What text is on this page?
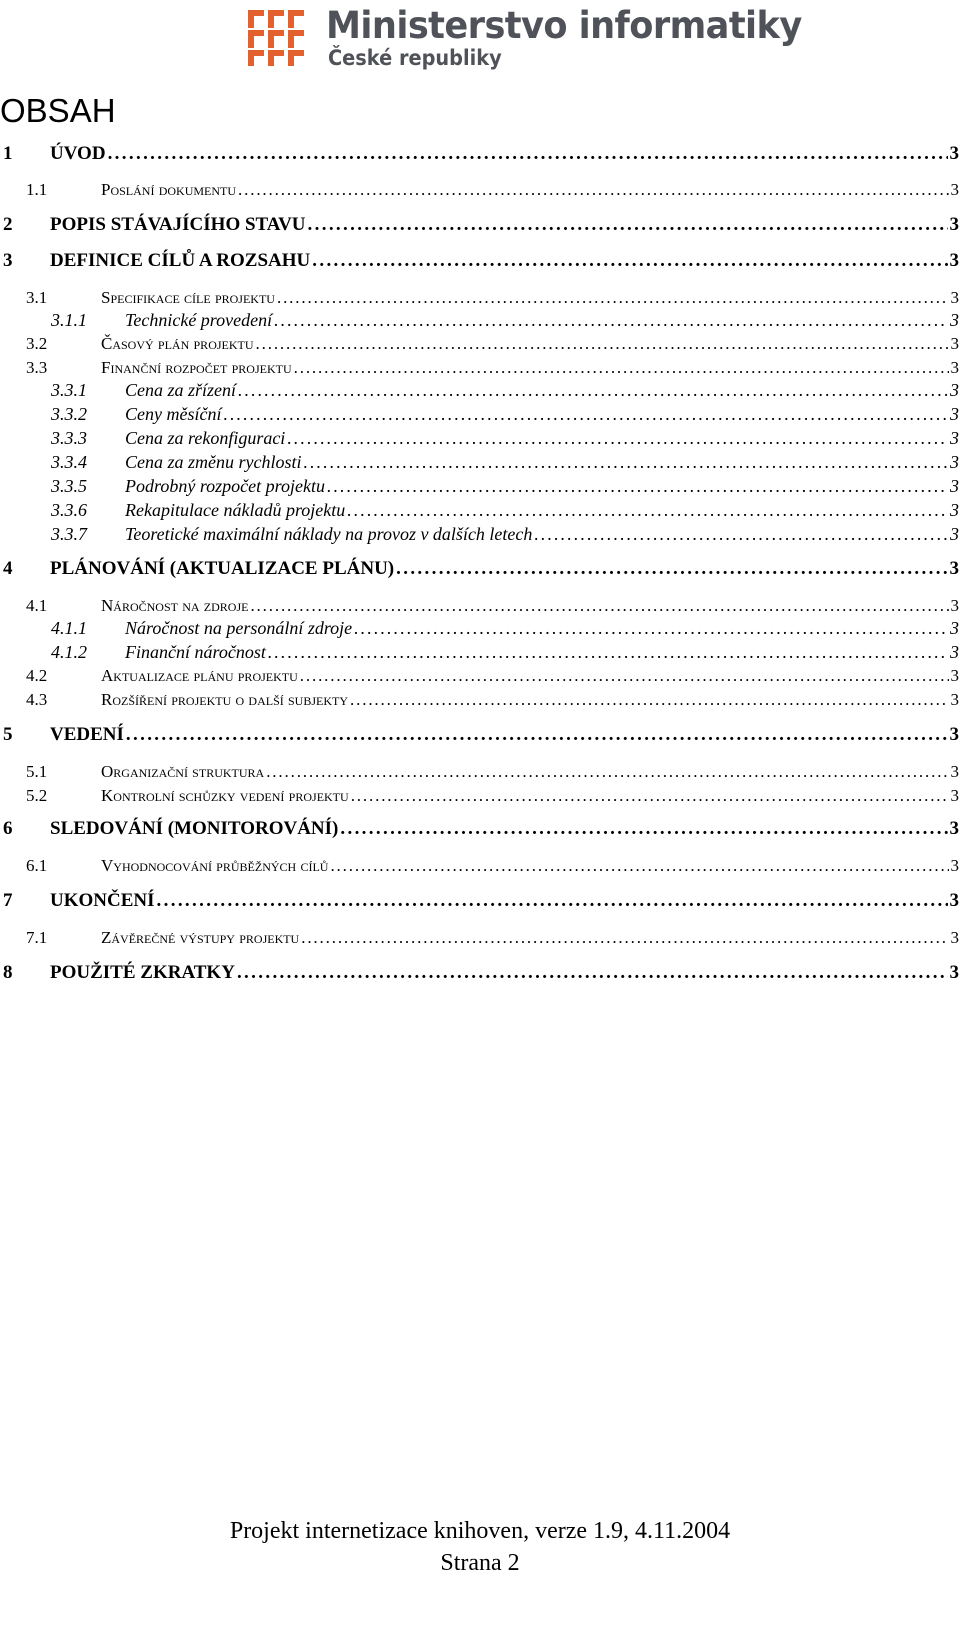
Ministerstvo informatiky
České republiky
OBSAH
1	ÚVOD . . .	3
1.1	Poslání dokumentu . . .	3
2	POPIS STÁVAJÍCÍHO STAVU . . .	3
3	DEFINICE CÍLŮ A ROZSAHU . . .	3
3.1	Specifikace cíle projektu . . .	3
3.1.1	Technické provedení . . .	3
3.2	Časový plán projektu . . .	3
3.3	Finanční rozpočet projektu . . .	3
3.3.1	Cena za zřízení . . .	3
3.3.2	Ceny měsíční . . .	3
3.3.3	Cena za rekonfiguraci . . .	3
3.3.4	Cena za změnu rychlosti . . .	3
3.3.5	Podrobný rozpočet projektu . . .	3
3.3.6	Rekapitulace nákladů projektu . . .	3
3.3.7	Teoretické maximální náklady na provoz v dalších letech . . .	3
4	PLÁNOVÁNÍ (AKTUALIZACE PLÁNU) . . .	3
4.1	Náročnost na zdroje . . .	3
4.1.1	Náročnost na personální zdroje . . .	3
4.1.2	Finanční náročnost . . .	3
4.2	Aktualizace plánu projektu . . .	3
4.3	Rozšíření projektu o další subjekty . . .	3
5	VEDENÍ . . .	3
5.1	Organizační struktura . . .	3
5.2	Kontrolní schůzky vedení projektu . . .	3
6	SLEDOVÁNÍ (MONITOROVÁNÍ) . . .	3
6.1	Vyhodnocování průběžných cílů . . .	3
7	UKONČENÍ . . .	3
7.1	Závěrečné výstupy projektu . . .	3
8	POUŽITÉ ZKRATKY . . .	3
Projekt internetizace knihoven, verze 1.9, 4.11.2004
Strana 2
